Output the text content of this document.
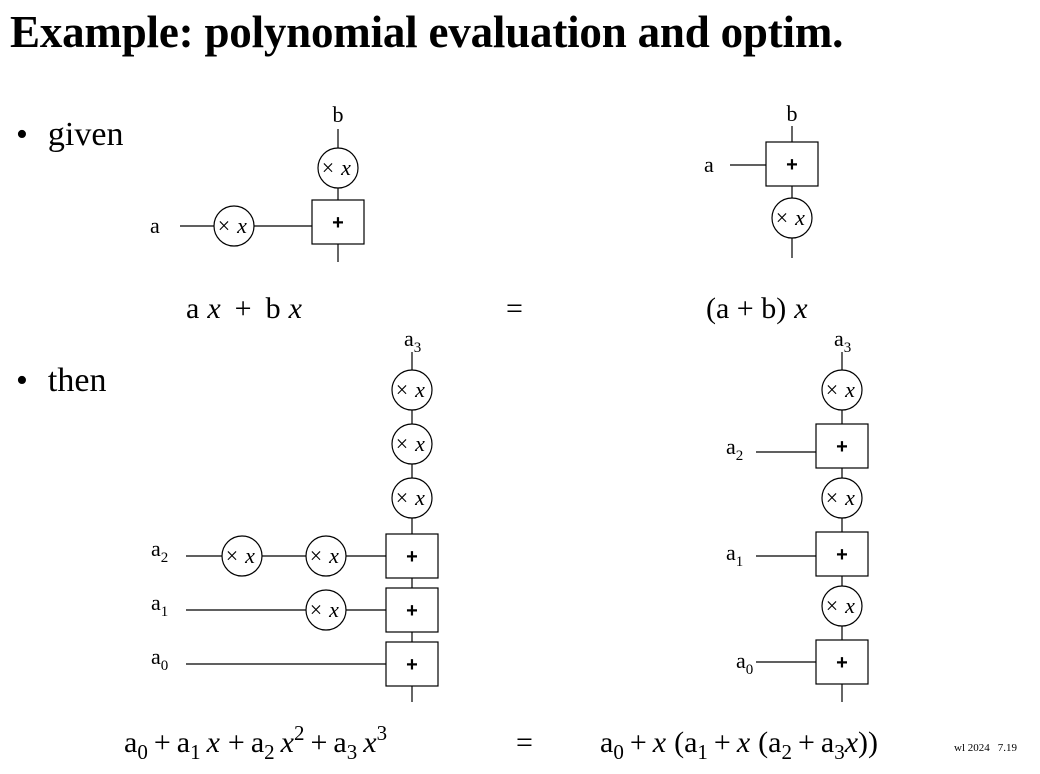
Example: polynomial evaluation and optim.
• given
• then
b
a
× x
× x	+
b
a	+
× x
a x + b x	=	(a + b) x
$a_3$
$a_2$
$a_1$
$a_0$
× x
× x
× x
× x × x
× x
+
+
+
$a_3$
$a_2$
$a_1$
$a_0$
× x
+
× x
+
× x
+
$a_0 + a_1$ $x + a_2$ $x^2 + a_3$ $x^3$	= $a_0 + x$ ($a_1 + x$ $(a_2 + a_3x)$)	wl 2024 7.19
